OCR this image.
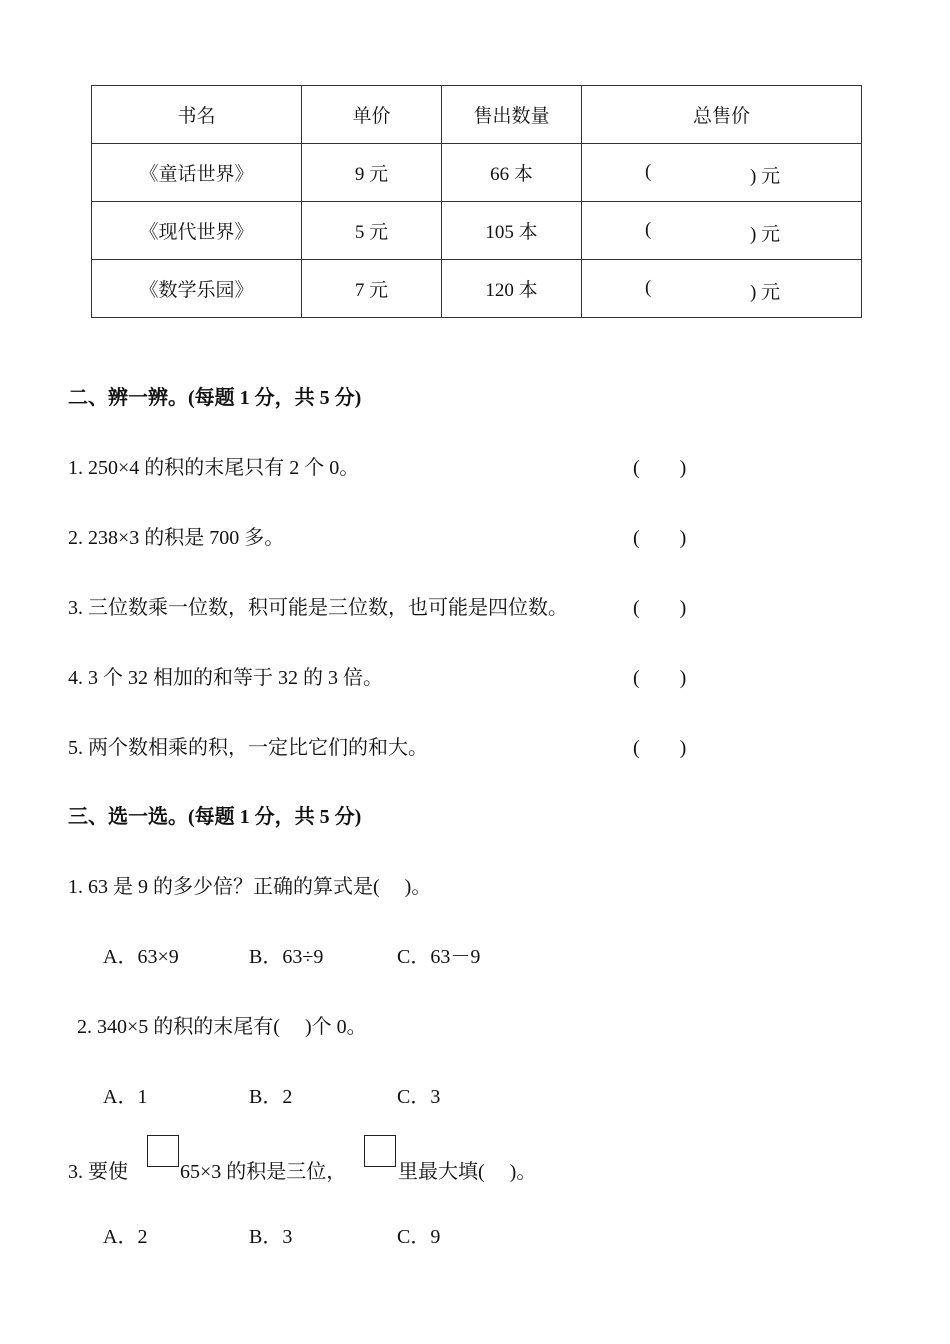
书名	单价	售出数量	总售价
《童话世界》	9 元	66 本	( ) 元

《现代世界》	5 元	105 本	( ) 元

《数学乐园》	7 元	120 本	( ) 元
二、辨一辨。(每题 1 分，共 5 分)
1. 250×4 的积的末尾只有 2 个 0。	(　　)
2. 238×3 的积是 700 多。	(　　)
3. 三位数乘一位数，积可能是三位数，也可能是四位数。	(　　)
4. 3 个 32 相加的和等于 32 的 3 倍。	(　　)
5. 两个数相乘的积，一定比它们的和大。	(　　)
三、选一选。(每题 1 分，共 5 分)
1. 63 是 9 的多少倍？正确的算式是(　 )。
A．63×9	B．63÷9	C．63－9
2. 340×5 的积的末尾有(　 )个 0。
A．1	B．2	C．3
3. 要使	65×3 的积是三位，	里最大填(　 )。
A．2	B．3	C．9
